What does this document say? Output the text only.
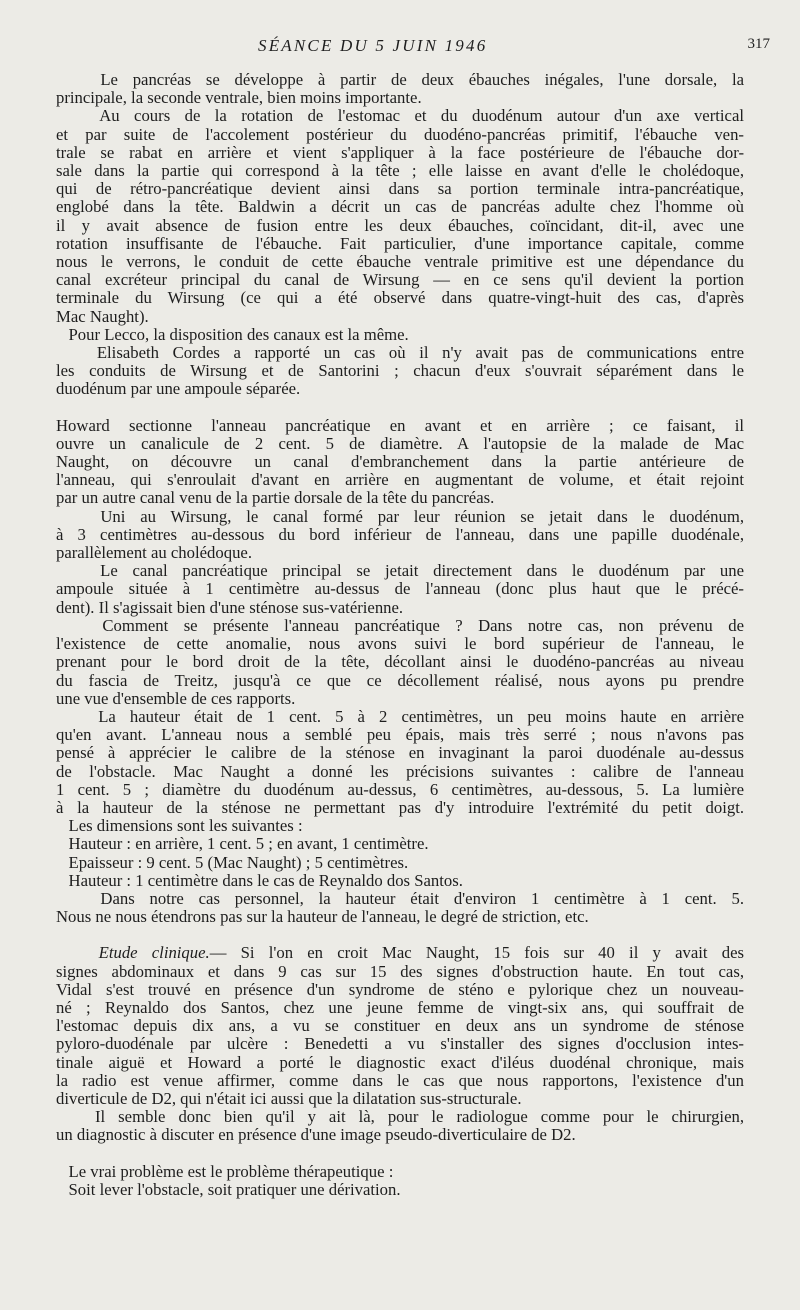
SÉANCE DU 5 JUIN 1946	317
Le pancréas se développe à partir de deux ébauches inégales, l'une dorsale, la
principale, la seconde ventrale, bien moins importante.
Au cours de la rotation de l'estomac et du duodénum autour d'un axe vertical
et par suite de l'accolement postérieur du duodéno-pancréas primitif, l'ébauche ven-
trale se rabat en arrière et vient s'appliquer à la face postérieure de l'ébauche dor-
sale dans la partie qui correspond à la tête ; elle laisse en avant d'elle le cholédoque,
qui de rétro-pancréatique devient ainsi dans sa portion terminale intra-pancréatique,
englobé dans la tête. Baldwin a décrit un cas de pancréas adulte chez l'homme où
il y avait absence de fusion entre les deux ébauches, coïncidant, dit-il, avec une
rotation insuffisante de l'ébauche. Fait particulier, d'une importance capitale, comme
nous le verrons, le conduit de cette ébauche ventrale primitive est une dépendance du
canal excréteur principal du canal de Wirsung — en ce sens qu'il devient la portion
terminale du Wirsung (ce qui a été observé dans quatre-vingt-huit des cas, d'après
Mac Naught).
Pour Lecco, la disposition des canaux est la même.
Elisabeth Cordes a rapporté un cas où il n'y avait pas de communications entre
les conduits de Wirsung et de Santorini ; chacun d'eux s'ouvrait séparément dans le
duodénum par une ampoule séparée.
Howard sectionne l'anneau pancréatique en avant et en arrière ; ce faisant, il
ouvre un canalicule de 2 cent. 5 de diamètre. A l'autopsie de la malade de Mac
Naught, on découvre un canal d'embranchement dans la partie antérieure de
l'anneau, qui s'enroulait d'avant en arrière en augmentant de volume, et était rejoint
par un autre canal venu de la partie dorsale de la tête du pancréas.
Uni au Wirsung, le canal formé par leur réunion se jetait dans le duodénum,
à 3 centimètres au-dessous du bord inférieur de l'anneau, dans une papille duodénale,
parallèlement au cholédoque.
Le canal pancréatique principal se jetait directement dans le duodénum par une
ampoule située à 1 centimètre au-dessus de l'anneau (donc plus haut que le précé-
dent). Il s'agissait bien d'une sténose sus-vatérienne.
Comment se présente l'anneau pancréatique ? Dans notre cas, non prévenu de
l'existence de cette anomalie, nous avons suivi le bord supérieur de l'anneau, le
prenant pour le bord droit de la tête, décollant ainsi le duodéno-pancréas au niveau
du fascia de Treitz, jusqu'à ce que ce décollement réalisé, nous ayons pu prendre
une vue d'ensemble de ces rapports.
La hauteur était de 1 cent. 5 à 2 centimètres, un peu moins haute en arrière
qu'en avant. L'anneau nous a semblé peu épais, mais très serré ; nous n'avons pas
pensé à apprécier le calibre de la sténose en invaginant la paroi duodénale au-dessus
de l'obstacle. Mac Naught a donné les précisions suivantes : calibre de l'anneau
1 cent. 5 ; diamètre du duodénum au-dessus, 6 centimètres, au-dessous, 5. La lumière
à la hauteur de la sténose ne permettant pas d'y introduire l'extrémité du petit doigt.
Les dimensions sont les suivantes :
Hauteur : en arrière, 1 cent. 5 ; en avant, 1 centimètre.
Epaisseur : 9 cent. 5 (Mac Naught) ; 5 centimètres.
Hauteur : 1 centimètre dans le cas de Reynaldo dos Santos.
Dans notre cas personnel, la hauteur était d'environ 1 centimètre à 1 cent. 5.
Nous ne nous étendrons pas sur la hauteur de l'anneau, le degré de striction, etc.
Etude clinique.— Si l'on en croit Mac Naught, 15 fois sur 40 il y avait des
signes abdominaux et dans 9 cas sur 15 des signes d'obstruction haute. En tout cas,
Vidal s'est trouvé en présence d'un syndrome de sténo e pylorique chez un nouveau-
né ; Reynaldo dos Santos, chez une jeune femme de vingt-six ans, qui souffrait de
l'estomac depuis dix ans, a vu se constituer en deux ans un syndrome de sténose
pyloro-duodénale par ulcère : Benedetti a vu s'installer des signes d'occlusion intes-
tinale aiguë et Howard a porté le diagnostic exact d'iléus duodénal chronique, mais
la radio est venue affirmer, comme dans le cas que nous rapportons, l'existence d'un
diverticule de D2, qui n'était ici aussi que la dilatation sus-structurale.
Il semble donc bien qu'il y ait là, pour le radiologue comme pour le chirurgien,
un diagnostic à discuter en présence d'une image pseudo-diverticulaire de D2.
Le vrai problème est le problème thérapeutique :
Soit lever l'obstacle, soit pratiquer une dérivation.
